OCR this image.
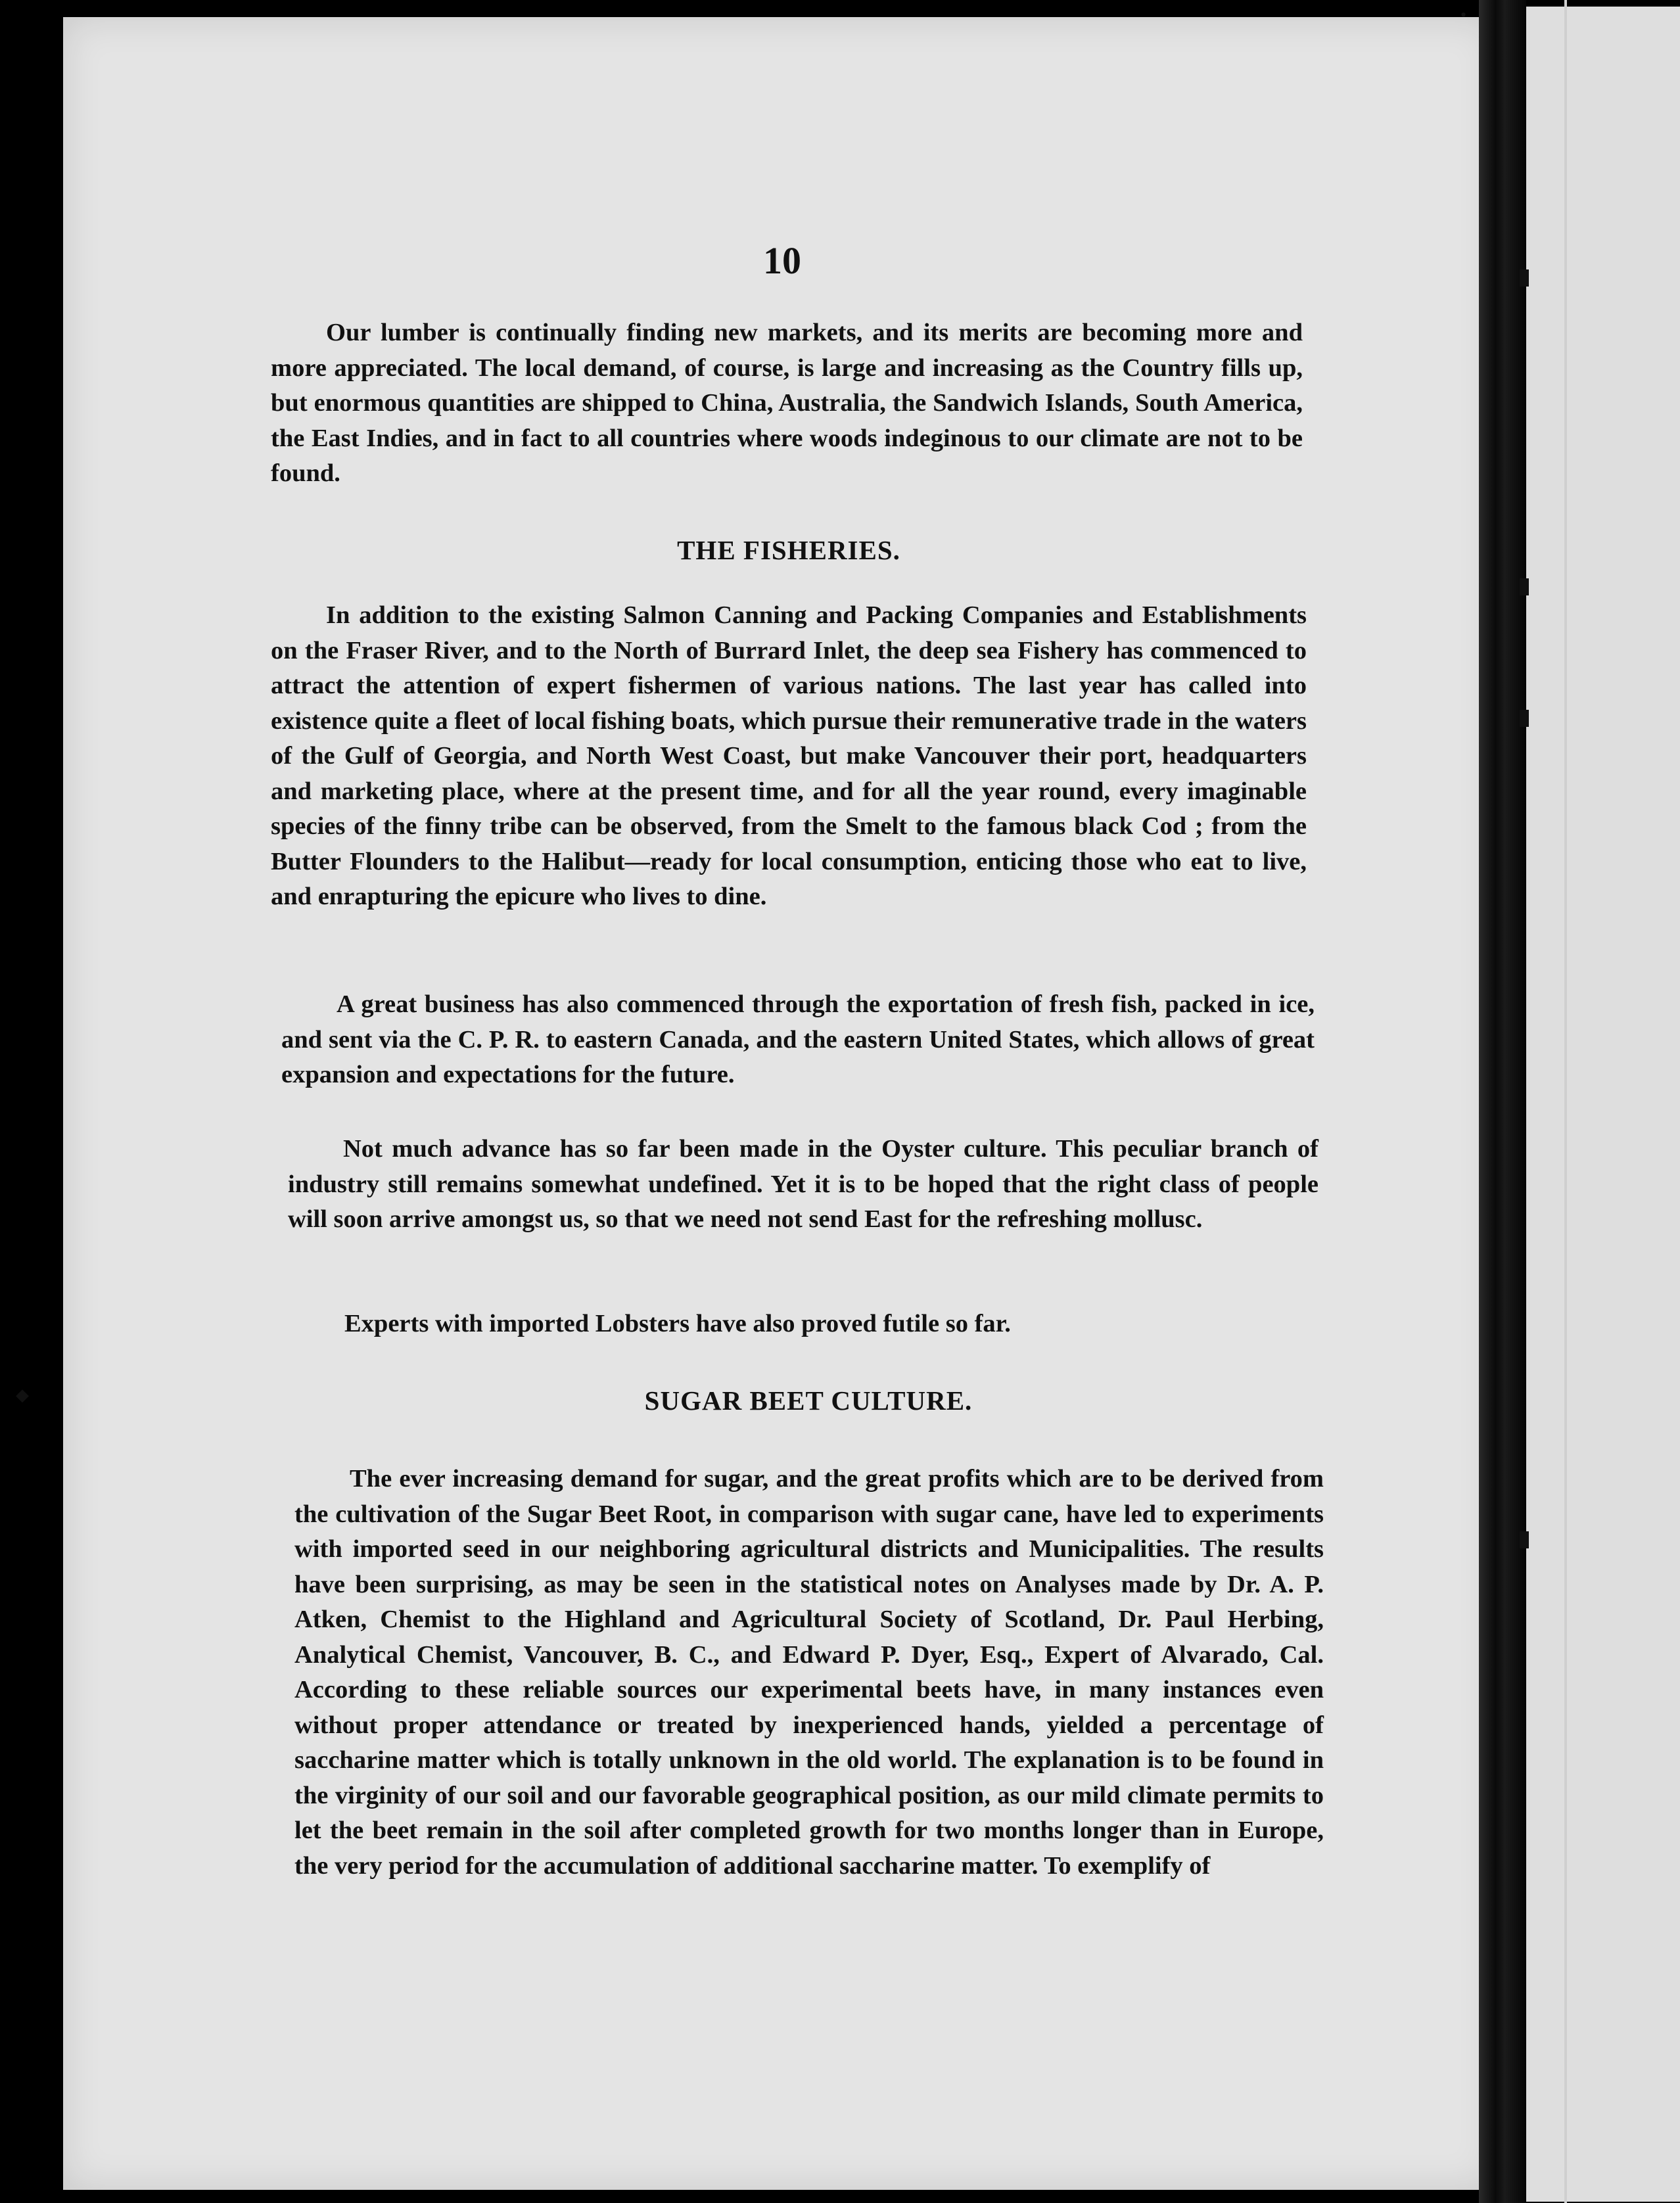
10

Our lumber is continually finding new markets, and its merits are becoming more and more appreciated. The local demand, of course, is large and increasing as the Country fills up, but enormous quantities are shipped to China, Australia, the Sandwich Islands, South America, the East Indies, and in fact to all countries where woods indeginous to our climate are not to be found.

THE FISHERIES.

In addition to the existing Salmon Canning and Packing Companies and Establishments on the Fraser River, and to the North of Burrard Inlet, the deep sea Fishery has commenced to attract the attention of expert fishermen of various nations. The last year has called into existence quite a fleet of local fishing boats, which pursue their remunerative trade in the waters of the Gulf of Georgia, and North West Coast, but make Vancouver their port, headquarters and marketing place, where at the present time, and for all the year round, every imaginable species of the finny tribe can be observed, from the Smelt to the famous black Cod ; from the Butter Flounders to the Halibut—ready for local consumption, enticing those who eat to live, and enrapturing the epicure who lives to dine.

A great business has also commenced through the exportation of fresh fish, packed in ice, and sent via the C. P. R. to eastern Canada, and the eastern United States, which allows of great expansion and expectations for the future.

Not much advance has so far been made in the Oyster culture. This peculiar branch of industry still remains somewhat undefined. Yet it is to be hoped that the right class of people will soon arrive amongst us, so that we need not send East for the refreshing mollusc.

Experts with imported Lobsters have also proved futile so far.

SUGAR BEET CULTURE.

The ever increasing demand for sugar, and the great profits which are to be derived from the cultivation of the Sugar Beet Root, in comparison with sugar cane, have led to experiments with imported seed in our neighboring agricultural districts and Municipalities. The results have been surprising, as may be seen in the statistical notes on Analyses made by Dr. A. P. Atken, Chemist to the Highland and Agricultural Society of Scotland, Dr. Paul Herbing, Analytical Chemist, Vancouver, B. C., and Edward P. Dyer, Esq., Expert of Alvarado, Cal. According to these reliable sources our experimental beets have, in many instances even without proper attendance or treated by inexperienced hands, yielded a percentage of saccharine matter which is totally unknown in the old world. The explanation is to be found in the virginity of our soil and our favorable geographical position, as our mild climate permits to let the beet remain in the soil after completed growth for two months longer than in Europe, the very period for the accumulation of additional saccharine matter. To exemplify of

◆
•
